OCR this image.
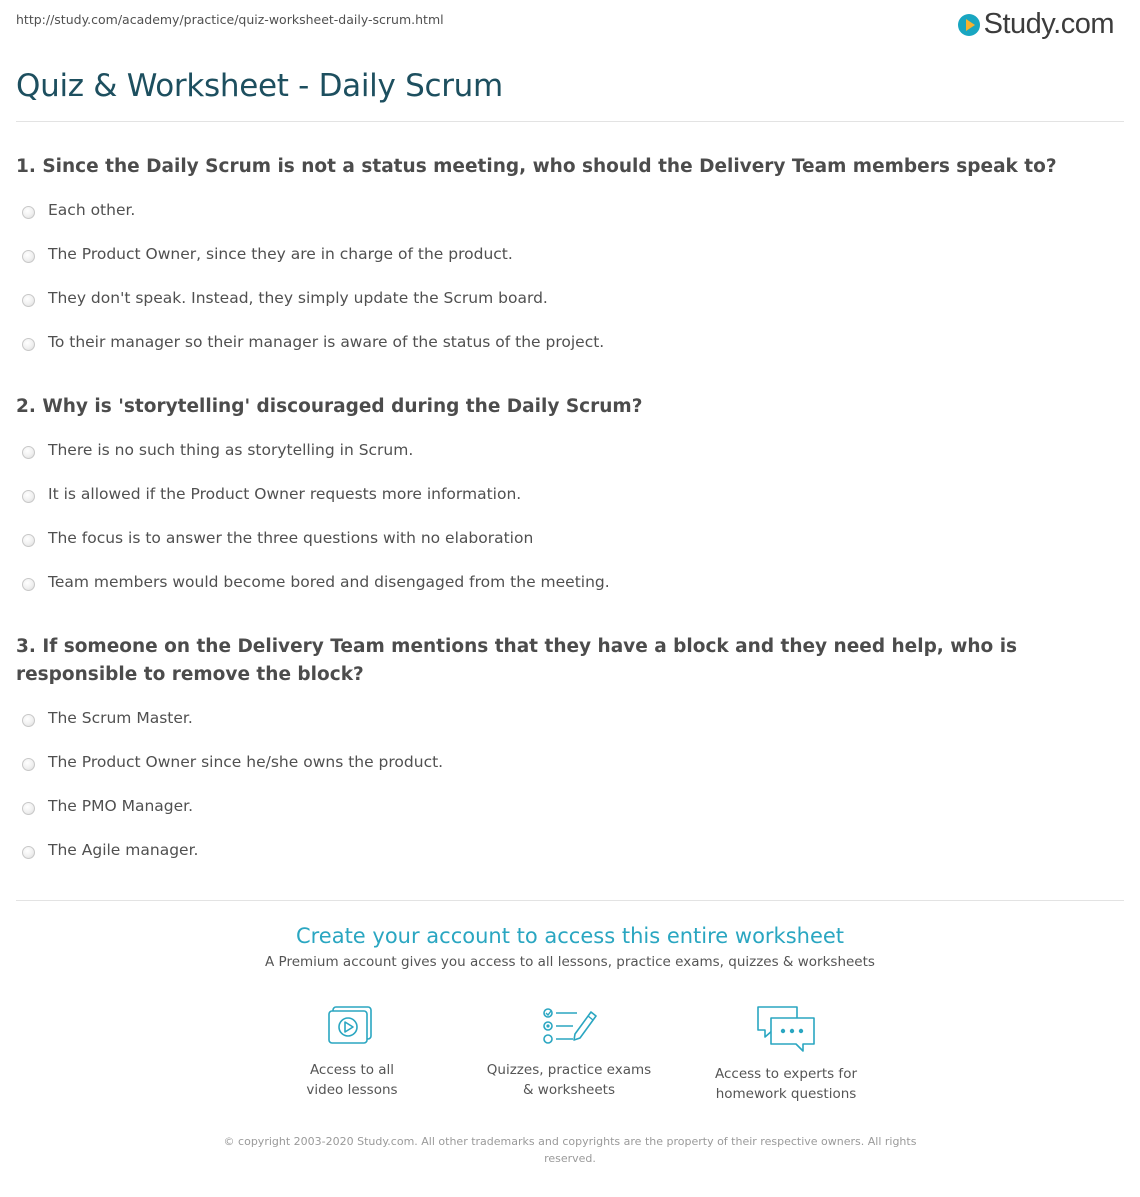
http://study.com/academy/practice/quiz-worksheet-daily-scrum.html	Study.com
Quiz & Worksheet - Daily Scrum
1. Since the Daily Scrum is not a status meeting, who should the Delivery Team members speak to?
Each other.
The Product Owner, since they are in charge of the product.
They don't speak. Instead, they simply update the Scrum board.
To their manager so their manager is aware of the status of the project.
2. Why is 'storytelling' discouraged during the Daily Scrum?
There is no such thing as storytelling in Scrum.
It is allowed if the Product Owner requests more information.
The focus is to answer the three questions with no elaboration
Team members would become bored and disengaged from the meeting.
3. If someone on the Delivery Team mentions that they have a block and they need help, who is responsible to remove the block?
The Scrum Master.
The Product Owner since he/she owns the product.
The PMO Manager.
The Agile manager.
Create your account to access this entire worksheet
A Premium account gives you access to all lessons, practice exams, quizzes & worksheets
Access to all
video lessons
Quizzes, practice exams
& worksheets
Access to experts for
homework questions
© copyright 2003-2020 Study.com. All other trademarks and copyrights are the property of their respective owners. All rights reserved.
